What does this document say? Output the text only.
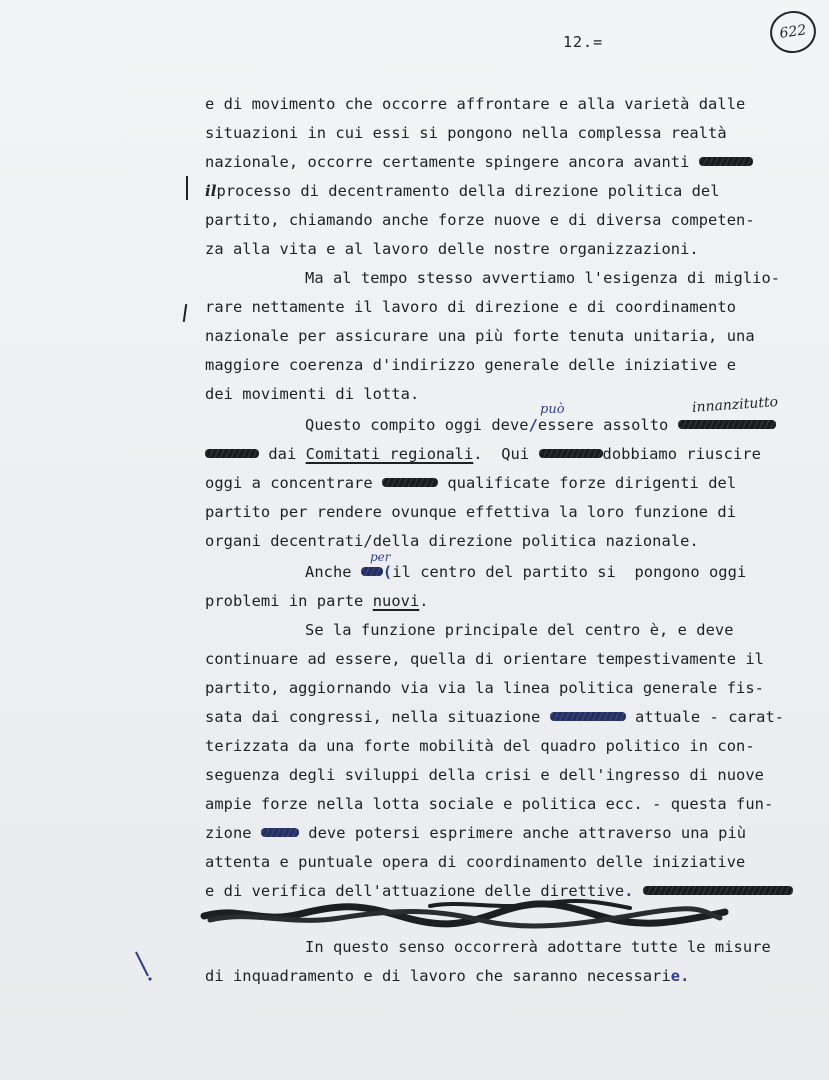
12.=
622
e di movimento che occorre affrontare e alla varietà dalle
situazioni in cui essi si pongono nella complessa realtà
nazionale, occorre certamente spingere ancora avanti
ilprocesso di decentramento della direzione politica del
partito, chiamando anche forze nuove e di diversa competen-
za alla vita e al lavoro delle nostre organizzazioni.
Ma al tempo stesso avvertiamo l'esigenza di miglio-
rare nettamente il lavoro di direzione e di coordinamento
nazionale per assicurare una più forte tenuta unitaria, una
maggiore coerenza d'indirizzo generale delle iniziative e
dei movimenti di lotta.
può	innanzitutto
Questo compito oggi deve/essere assolto
dai Comitati regionali.  Qui	dobbiamo riuscire
oggi a concentrare	qualificate forze dirigenti del
partito per rendere ovunque effettiva la loro funzione di
organi decentrati/della direzione politica nazionale.
per
Anche (il centro del partito si  pongono oggi
problemi in parte nuovi.
Se la funzione principale del centro è, e deve
continuare ad essere, quella di orientare tempestivamente il
partito, aggiornando via via la linea politica generale fis-
sata dai congressi, nella situazione	attuale - carat-
terizzata da una forte mobilità del quadro politico in con-
seguenza degli sviluppi della crisi e dell'ingresso di nuove
ampie forze nella lotta sociale e politica ecc. - questa fun-
zione	deve potersi esprimere anche attraverso una più
attenta e puntuale opera di coordinamento delle iniziative
e di verifica dell'attuazione delle direttive.
In questo senso occorrerà adottare tutte le misure
di inquadramento e di lavoro che saranno necessarie.
